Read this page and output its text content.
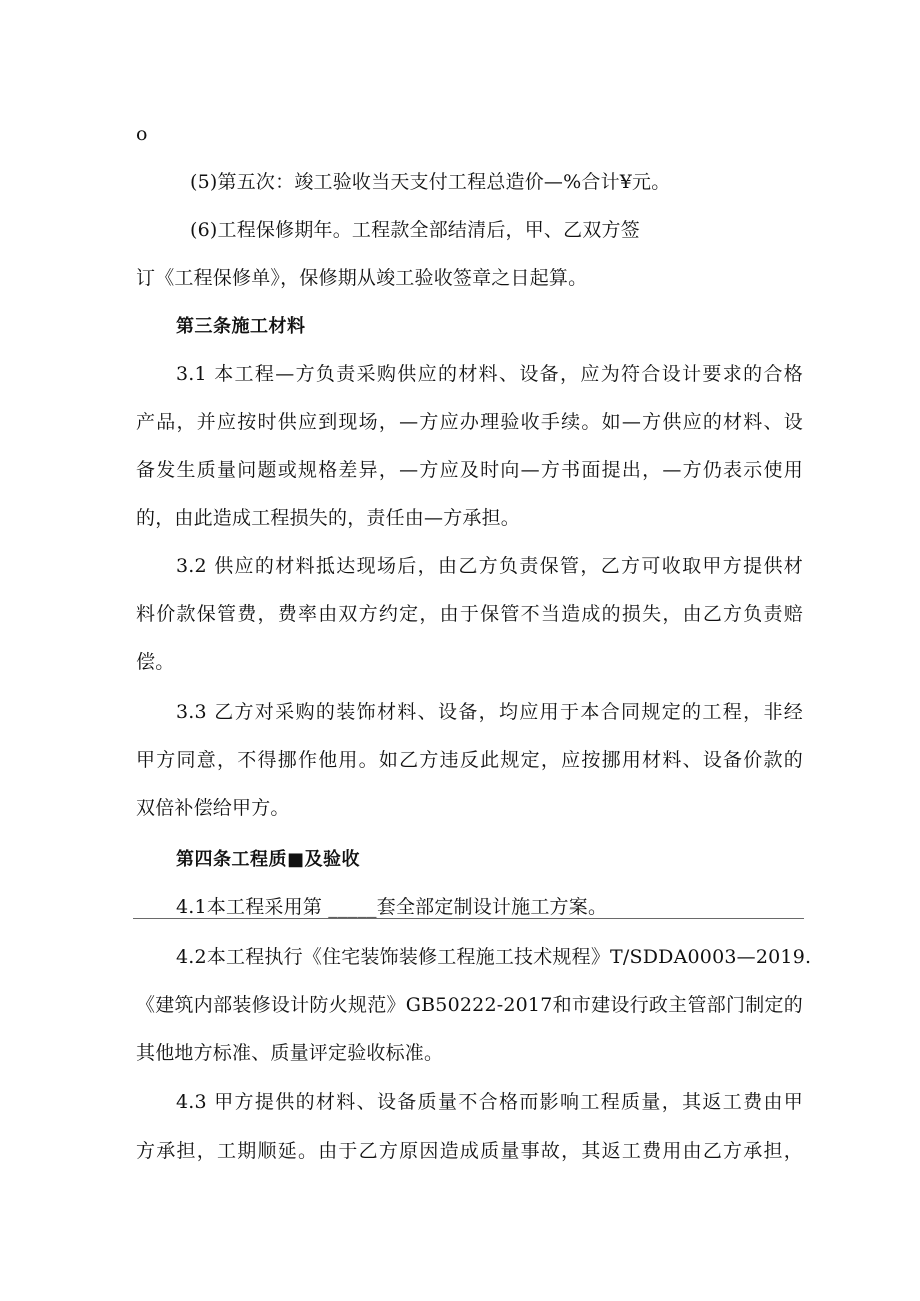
o
(5)第五次：竣工验收当天支付工程总造价—%合计¥元。
(6)工程保修期年。工程款全部结清后，甲、乙双方签
订《工程保修单》，保修期从竣工验收签章之日起算。
第三条施工材料
3.1 本工程—方负责采购供应的材料、设备，应为符合设计要求的合格
产品，并应按时供应到现场，—方应办理验收手续。如—方供应的材料、设
备发生质量问题或规格差异，—方应及时向—方书面提出，—方仍表示使用
的，由此造成工程损失的，责任由—方承担。
3.2 供应的材料抵达现场后，由乙方负责保管，乙方可收取甲方提供材
料价款保管费，费率由双方约定，由于保管不当造成的损失，由乙方负责赔
偿。
3.3 乙方对采购的装饰材料、设备，均应用于本合同规定的工程，非经
甲方同意，不得挪作他用。如乙方违反此规定，应按挪用材料、设备价款的
双倍补偿给甲方。
第四条工程质■及验收
4.1本工程采用第 _____套全部定制设计施工方案。
4.2本工程执行《住宅装饰装修工程施工技术规程》T/SDDA0003—2019.
《建筑内部装修设计防火规范》GB50222-2017和市建设行政主管部门制定的
其他地方标准、质量评定验收标准。
4.3 甲方提供的材料、设备质量不合格而影响工程质量，其返工费由甲
方承担，工期顺延。由于乙方原因造成质量事故，其返工费用由乙方承担，
